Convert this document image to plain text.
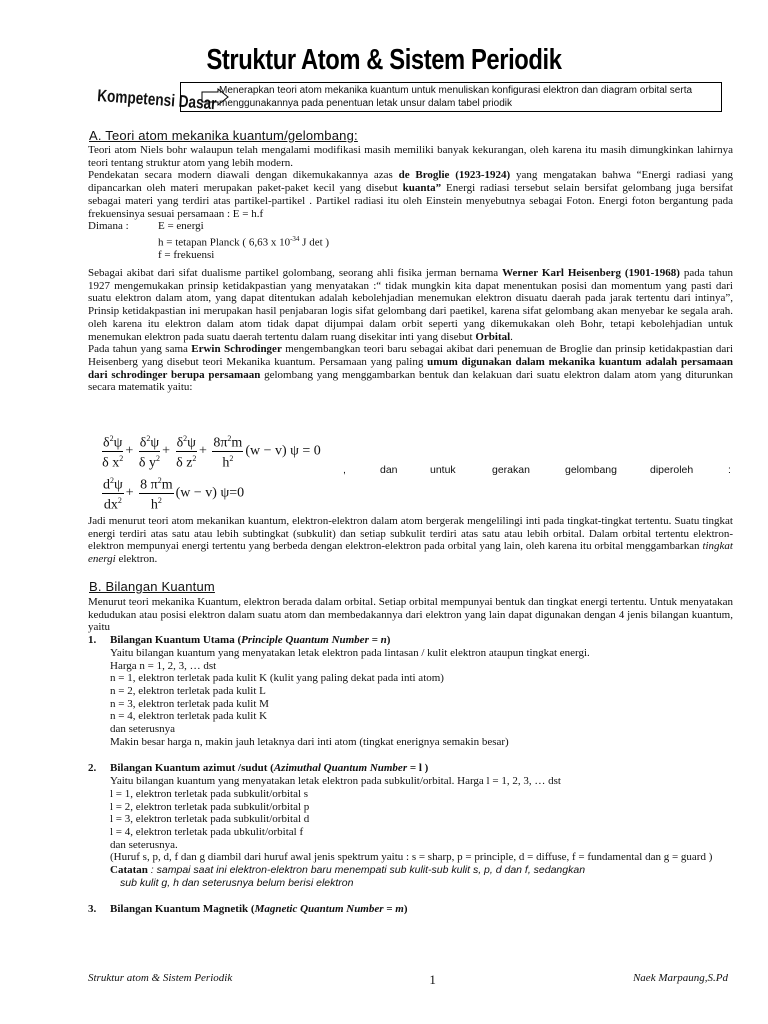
Struktur Atom & Sistem Periodik
Kompetensi Dasar Menerapkan teori atom mekanika kuantum untuk menuliskan konfigurasi elektron dan diagram orbital serta menggunakannya pada penentuan letak unsur dalam tabel priodik
A. Teori atom mekanika kuantum/gelombang:

Teori atom Niels bohr walaupun telah mengalami modifikasi masih memiliki banyak kekurangan, oleh karena itu masih dimungkinkan lahirnya teori tentang struktur atom yang lebih modern.

Pendekatan secara modern diawali dengan dikemukakannya azas de Broglie (1923-1924) yang mengatakan bahwa “Energi radiasi yang dipancarkan oleh materi merupakan paket-paket kecil yang disebut kuanta” Energi radiasi tersebut selain bersifat gelombang juga bersifat sebagai materi yang terdiri atas partikel-partikel . Partikel radiasi itu oleh Einstein menyebutnya sebagai Foton. Energi foton bergantung pada frekuensinya sesuai persamaan : E = h.f

Dimana :	E = energi
h = tetapan Planck ( 6,63 x $10^{-34}$ J det )
f = frekuensi

Sebagai akibat dari sifat dualisme partikel golombang, seorang ahli fisika jerman bernama Werner Karl Heisenberg (1901-1968) pada tahun 1927 mengemukakan prinsip ketidakpastian yang menyatakan :“ tidak mungkin kita dapat menentukan posisi dan momentum yang pasti dari suatu elektron dalam atom, yang dapat ditentukan adalah kebolehjadian menemukan elektron disuatu daerah pada jarak tertentu dari intinya”, Prinsip ketidakpastian ini merupakan hasil penjabaran logis sifat gelombang dari paetikel, karena sifat gelombang akan menyebar ke segala arah. oleh karena itu elektron dalam atom tidak dapat dijumpai dalam orbit seperti yang dikemukakan oleh Bohr, tetapi kebolehjadian untuk menemukan elektron pada suatu daerah tertentu dalam ruang disekitar inti yang disebut Orbital.

Pada tahun yang sama Erwin Schrodinger mengembangkan teori baru sebagai akibat dari penemuan de Broglie dan prinsip ketidakpastian dari Heisenberg yang disebut teori Mekanika kuantum. Persamaan yang paling umum digunakan dalam mekanika kuantum adalah persamaan dari schrodinger berupa persamaan gelombang yang menggambarkan bentuk dan kelakuan dari suatu elektron dalam atom yang diturunkan secara matematik yaitu:

$\frac{\delta^2\psi}{\delta x^2} + \frac{\delta^2\psi}{\delta y^2} + \frac{\delta^2\psi}{\delta z^2} + \frac{8\pi^2m}{h^2} (w - v) \psi = 0$
,	dan	untuk	gerakan	gelombang	diperoleh	:
$\frac{d^2\psi}{dx^2} + \frac{8 \pi^2m}{h^2} (w - v)$ ψ=0

Jadi menurut teori atom mekanikan kuantum, elektron-elektron dalam atom bergerak mengelilingi inti pada tingkat-tingkat tertentu. Suatu tingkat energi terdiri atas satu atau lebih subtingkat (subkulit) dan setiap subkulit terdiri atas satu atau lebih orbital. Dalam orbital tertentu elektron-elektron mempunyai energi tertentu yang berbeda dengan elektron-elektron pada orbital yang lain, oleh karena itu orbital menggambarkan tingkat energi elektron.

B. Bilangan Kuantum

Menurut teori mekanika Kuantum, elektron berada dalam orbital. Setiap orbital mempunyai bentuk dan tingkat energi tertentu. Untuk menyatakan kedudukan atau posisi elektron dalam suatu atom dan membedakannya dari elektron yang lain dapat digunakan dengan 4 jenis bilangan kuantum, yaitu

1. Bilangan Kuantum Utama (Principle Quantum Number = n)
Yaitu bilangan kuantum yang menyatakan letak elektron pada lintasan / kulit elektron ataupun tingkat energi.
Harga n = 1, 2, 3, … dst
n = 1, elektron terletak pada kulit K (kulit yang paling dekat pada inti atom)
n = 2, elektron terletak pada kulit L
n = 3, elektron terletak pada kulit M
n = 4, elektron terletak pada kulit K
dan seterusnya
Makin besar harga n, makin jauh letaknya dari inti atom (tingkat enerignya semakin besar)
2. Bilangan Kuantum azimut /sudut (Azimuthal Quantum Number = l )
Yaitu bilangan kuantum yang menyatakan letak elektron pada subkulit/orbital. Harga l = 1, 2, 3, … dst
l = 1, elektron terletak pada subkulit/orbital s
l = 2, elektron terletak pada subkulit/orbital p
l = 3, elektron terletak pada subkulit/orbital d
l = 4, elektron terletak pada ubkulit/orbital f
dan seterusnya.
(Huruf s, p, d, f dan g diambil dari huruf awal jenis spektrum yaitu : s = sharp, p = principle, d = diffuse, f = fundamental dan g = guard )
Catatan : sampai saat ini elektron-elektron baru menempati sub kulit-sub kulit s, p, d dan f, sedangkan
sub kulit g, h dan seterusnya belum berisi elektron
3. Bilangan Kuantum Magnetik (Magnetic Quantum Number = m)
Struktur atom & Sistem Periodik	1	Naek Marpaung,S.Pd
